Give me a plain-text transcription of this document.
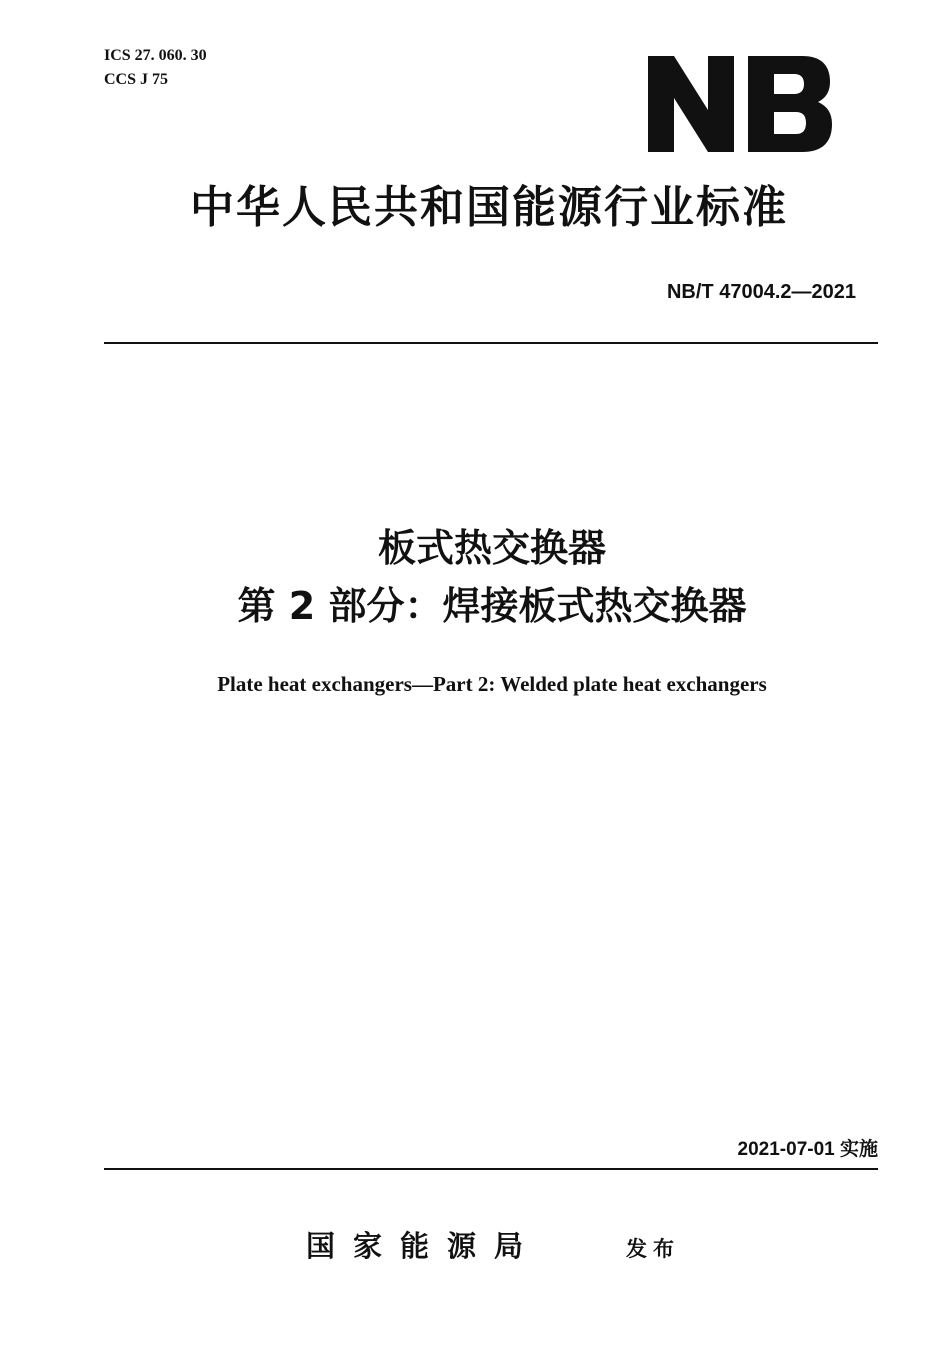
ICS 27. 060. 30
CCS J 75
中华人民共和国能源行业标准
NB/T 47004.2—2021
板式热交换器
第 2 部分：焊接板式热交换器
Plate heat exchangers—Part 2: Welded plate heat exchangers
2021-07-01 实施
国家能源局	发布
